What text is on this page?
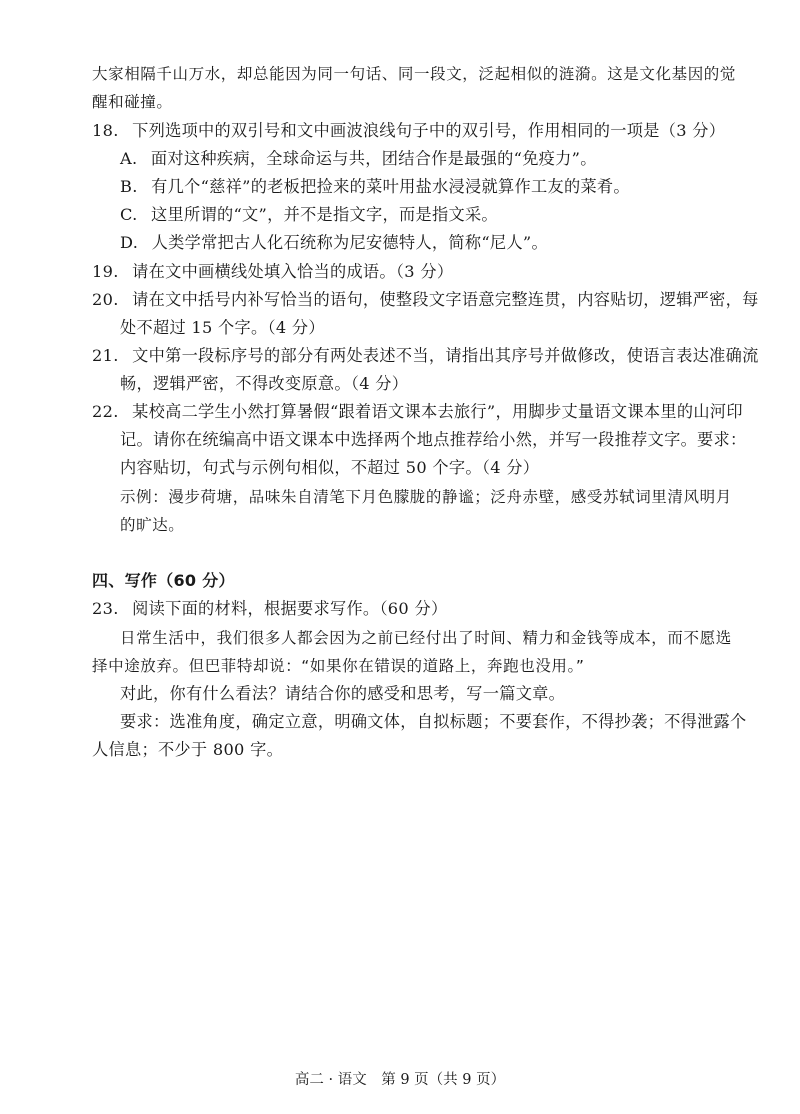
大家相隔千山万水，却总能因为同一句话、同一段文，泛起相似的涟漪。这是文化基因的觉
醒和碰撞。
18. 下列选项中的双引号和文中画波浪线句子中的双引号，作用相同的一项是（3 分）
A. 面对这种疾病，全球命运与共，团结合作是最强的“免疫力”。
B. 有几个“慈祥”的老板把捡来的菜叶用盐水浸浸就算作工友的菜肴。
C. 这里所谓的“文”，并不是指文字，而是指文采。
D. 人类学常把古人化石统称为尼安德特人，简称“尼人”。
19. 请在文中画横线处填入恰当的成语。（3 分）
20. 请在文中括号内补写恰当的语句，使整段文字语意完整连贯，内容贴切，逻辑严密，每
处不超过 15 个字。（4 分）
21. 文中第一段标序号的部分有两处表述不当，请指出其序号并做修改，使语言表达准确流
畅，逻辑严密，不得改变原意。（4 分）
22. 某校高二学生小然打算暑假“跟着语文课本去旅行”，用脚步丈量语文课本里的山河印
记。请你在统编高中语文课本中选择两个地点推荐给小然，并写一段推荐文字。要求：
内容贴切，句式与示例句相似，不超过 50 个字。（4 分）
示例：漫步荷塘，品味朱自清笔下月色朦胧的静谧；泛舟赤壁，感受苏轼词里清风明月
的旷达。
四、写作（60 分）
23. 阅读下面的材料，根据要求写作。（60 分）
日常生活中，我们很多人都会因为之前已经付出了时间、精力和金钱等成本，而不愿选
择中途放弃。但巴菲特却说：“如果你在错误的道路上，奔跑也没用。”
对此，你有什么看法？请结合你的感受和思考，写一篇文章。
要求：选准角度，确定立意，明确文体，自拟标题；不要套作，不得抄袭；不得泄露个
人信息；不少于 800 字。
高二 · 语文　第 9 页（共 9 页）
